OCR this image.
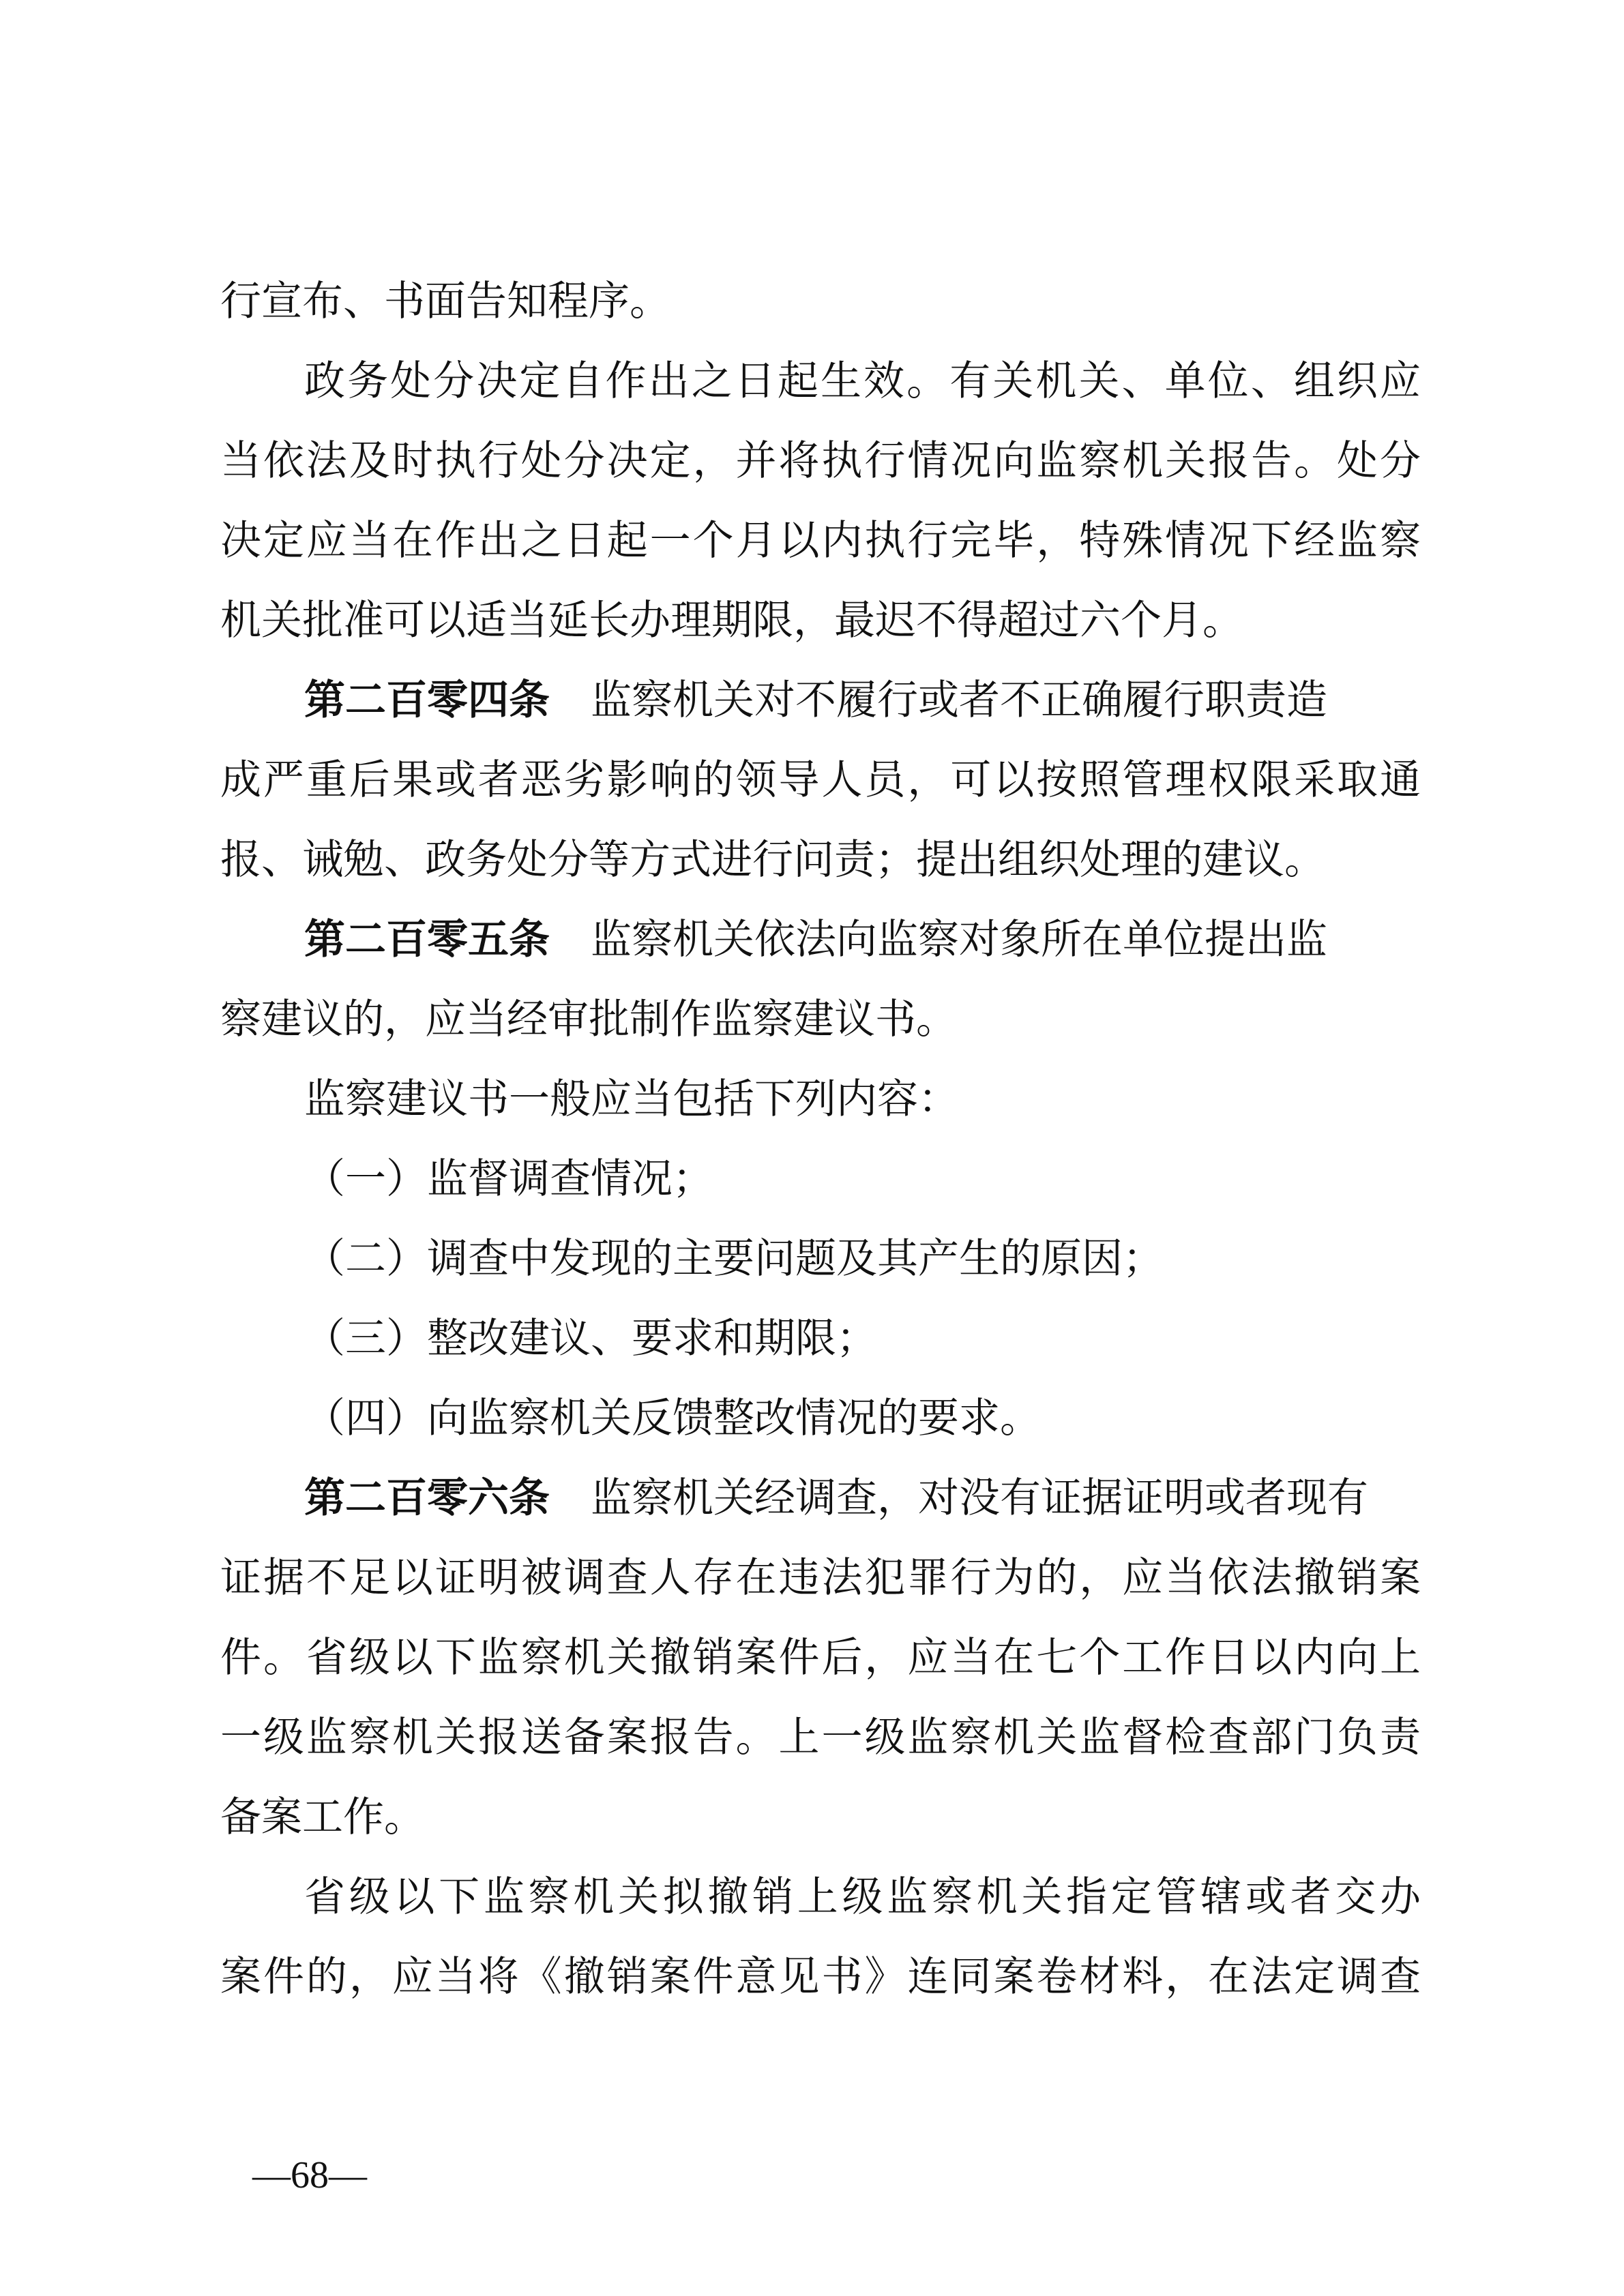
行宣布、书面告知程序。
政务处分决定自作出之日起生效。有关机关、单位、组织应
当依法及时执行处分决定，并将执行情况向监察机关报告。处分
决定应当在作出之日起一个月以内执行完毕，特殊情况下经监察
机关批准可以适当延长办理期限，最迟不得超过六个月。
第二百零四条 监察机关对不履行或者不正确履行职责造
成严重后果或者恶劣影响的领导人员，可以按照管理权限采取通
报、诫勉、政务处分等方式进行问责；提出组织处理的建议。
第二百零五条 监察机关依法向监察对象所在单位提出监
察建议的，应当经审批制作监察建议书。
监察建议书一般应当包括下列内容：
（一）监督调查情况；
（二）调查中发现的主要问题及其产生的原因；
（三）整改建议、要求和期限；
（四）向监察机关反馈整改情况的要求。
第二百零六条 监察机关经调查，对没有证据证明或者现有
证据不足以证明被调查人存在违法犯罪行为的，应当依法撤销案
件。省级以下监察机关撤销案件后，应当在七个工作日以内向上
一级监察机关报送备案报告。上一级监察机关监督检查部门负责
备案工作。
省级以下监察机关拟撤销上级监察机关指定管辖或者交办
案件的，应当将《撤销案件意见书》连同案卷材料，在法定调查
—68—
